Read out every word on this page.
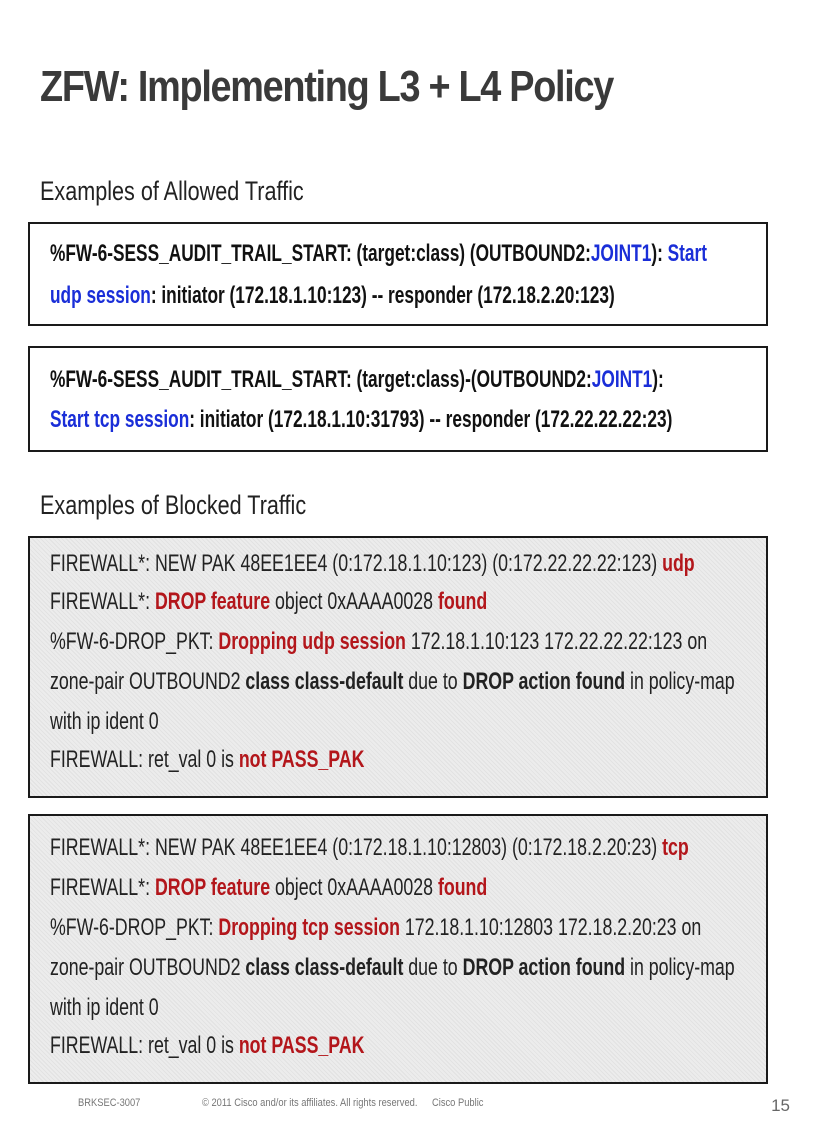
ZFW: Implementing L3 + L4 Policy
Examples of Allowed Traffic
%FW-6-SESS_AUDIT_TRAIL_START: (target:class) (OUTBOUND2:JOINT1): Start
udp session: initiator (172.18.1.10:123) -- responder (172.18.2.20:123)
%FW-6-SESS_AUDIT_TRAIL_START: (target:class)-(OUTBOUND2:JOINT1):
Start tcp session: initiator (172.18.1.10:31793) -- responder (172.22.22.22:23)
Examples of Blocked Traffic
FIREWALL*: NEW PAK 48EE1EE4 (0:172.18.1.10:123) (0:172.22.22.22:123) udp
FIREWALL*: DROP feature object 0xAAAA0028 found
%FW-6-DROP_PKT: Dropping udp session 172.18.1.10:123 172.22.22.22:123 on
zone-pair OUTBOUND2 class class-default due to DROP action found in policy-map
with ip ident 0
FIREWALL: ret_val 0 is not PASS_PAK
FIREWALL*: NEW PAK 48EE1EE4 (0:172.18.1.10:12803) (0:172.18.2.20:23) tcp
FIREWALL*: DROP feature object 0xAAAA0028 found
%FW-6-DROP_PKT: Dropping tcp session 172.18.1.10:12803 172.18.2.20:23 on
zone-pair OUTBOUND2 class class-default due to DROP action found in policy-map
with ip ident 0
FIREWALL: ret_val 0 is not PASS_PAK
BRKSEC-3007	© 2011 Cisco and/or its affiliates. All rights reserved. Cisco Public	15
